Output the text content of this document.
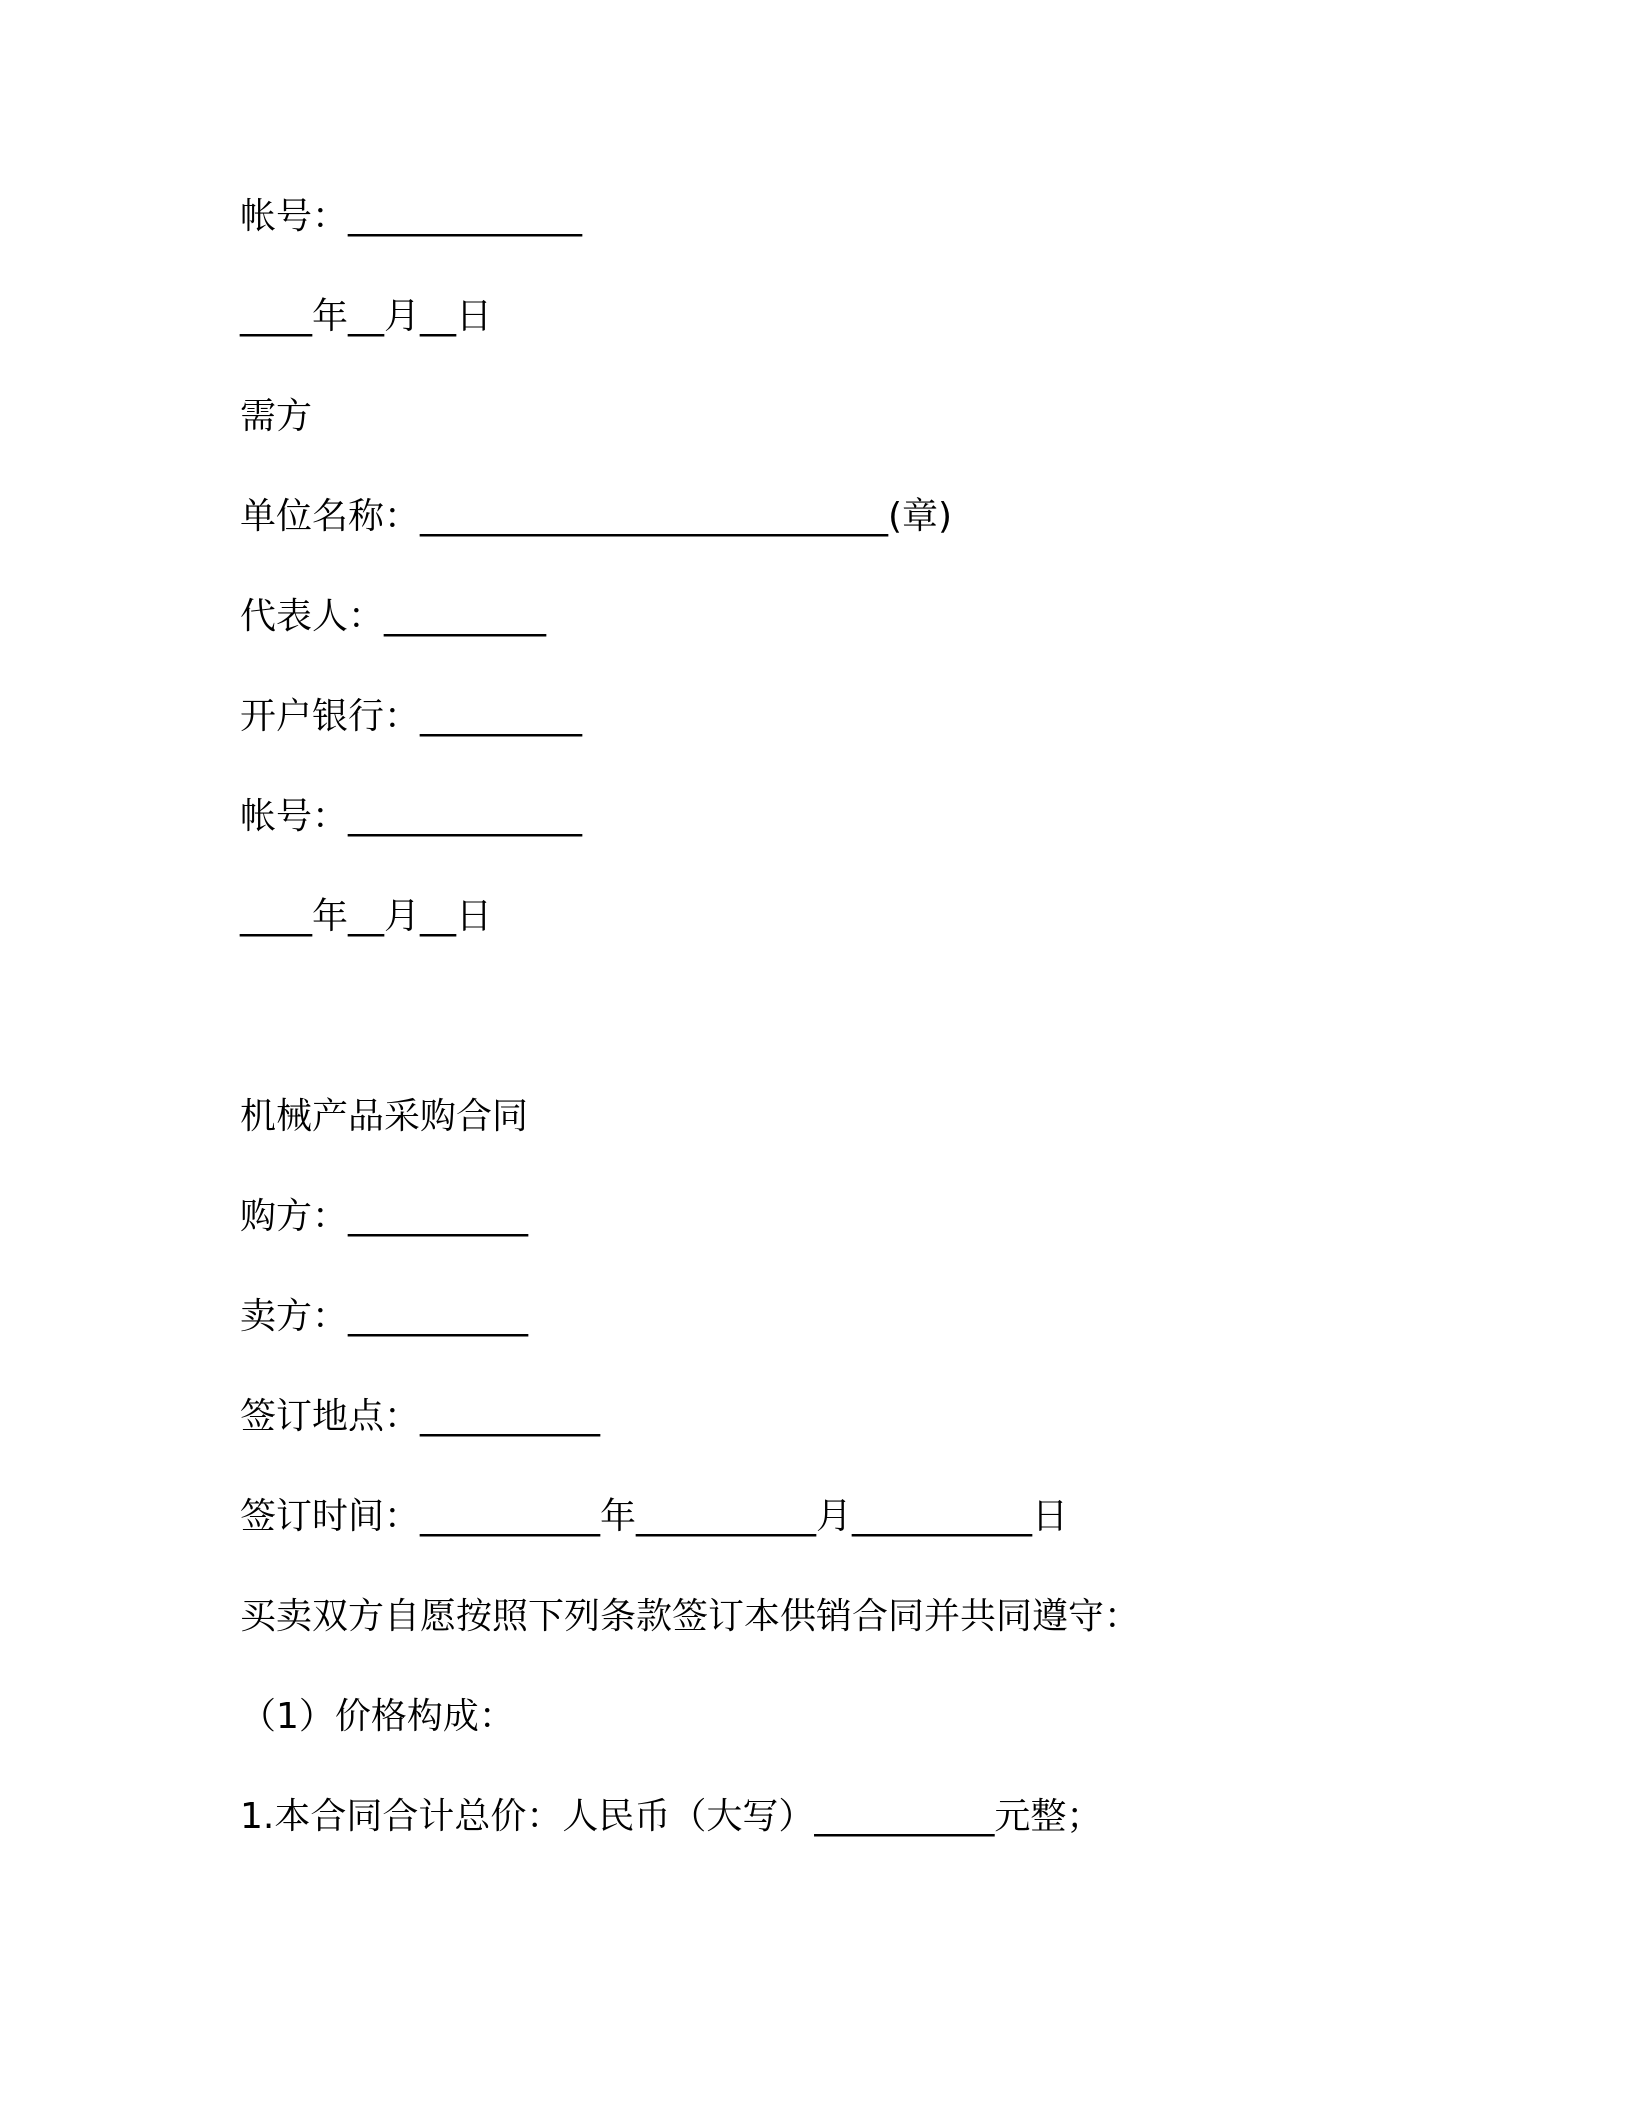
帐号：_____________
____年__月__日
需方
单位名称：__________________________(章)
代表人：_________
开户银行：_________
帐号：_____________
____年__月__日
机械产品采购合同
购方：__________
卖方：__________
签订地点：__________
签订时间：__________年__________月__________日
买卖双方自愿按照下列条款签订本供销合同并共同遵守：
（1）价格构成：
1.本合同合计总价：人民币（大写）__________元整；
